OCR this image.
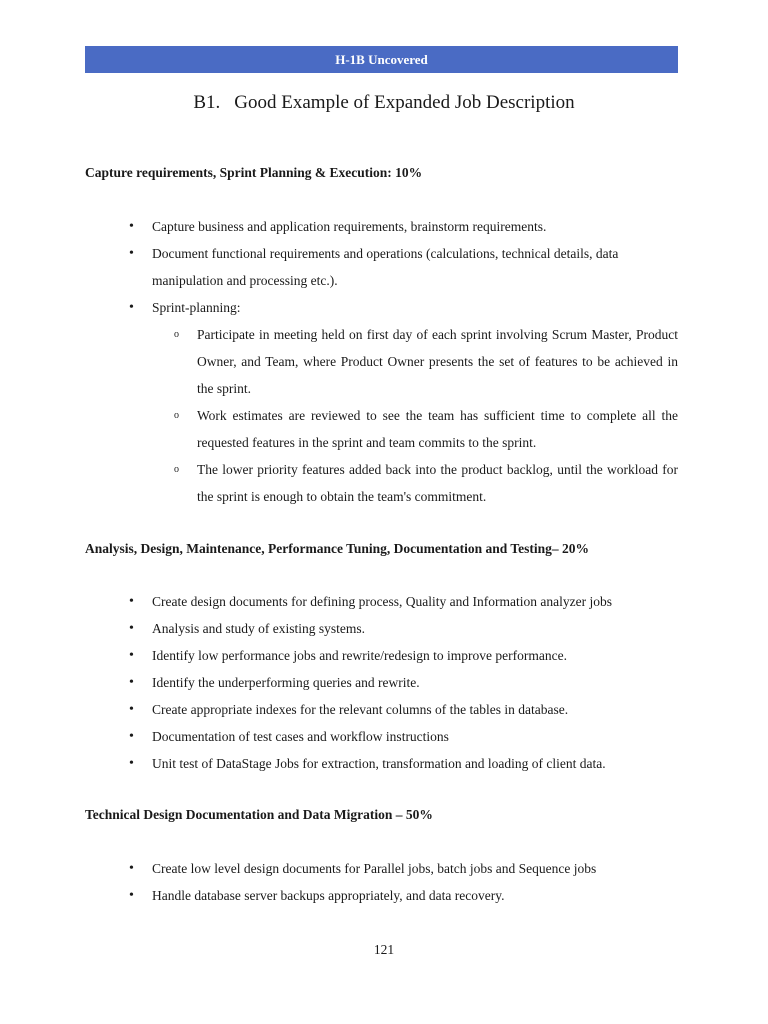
H-1B Uncovered
B1. Good Example of Expanded Job Description
Capture requirements, Sprint Planning & Execution: 10%
• Capture business and application requirements, brainstorm requirements.
• Document functional requirements and operations (calculations, technical details, data manipulation and processing etc.).
• Sprint-planning:
o Participate in meeting held on first day of each sprint involving Scrum Master, Product Owner, and Team, where Product Owner presents the set of features to be achieved in the sprint.
o Work estimates are reviewed to see the team has sufficient time to complete all the requested features in the sprint and team commits to the sprint.
o The lower priority features added back into the product backlog, until the workload for the sprint is enough to obtain the team's commitment.
Analysis, Design, Maintenance, Performance Tuning, Documentation and Testing– 20%
• Create design documents for defining process, Quality and Information analyzer jobs
• Analysis and study of existing systems.
• Identify low performance jobs and rewrite/redesign to improve performance.
• Identify the underperforming queries and rewrite.
• Create appropriate indexes for the relevant columns of the tables in database.
• Documentation of test cases and workflow instructions
• Unit test of DataStage Jobs for extraction, transformation and loading of client data.
Technical Design Documentation and Data Migration – 50%
• Create low level design documents for Parallel jobs, batch jobs and Sequence jobs
• Handle database server backups appropriately, and data recovery.
121
